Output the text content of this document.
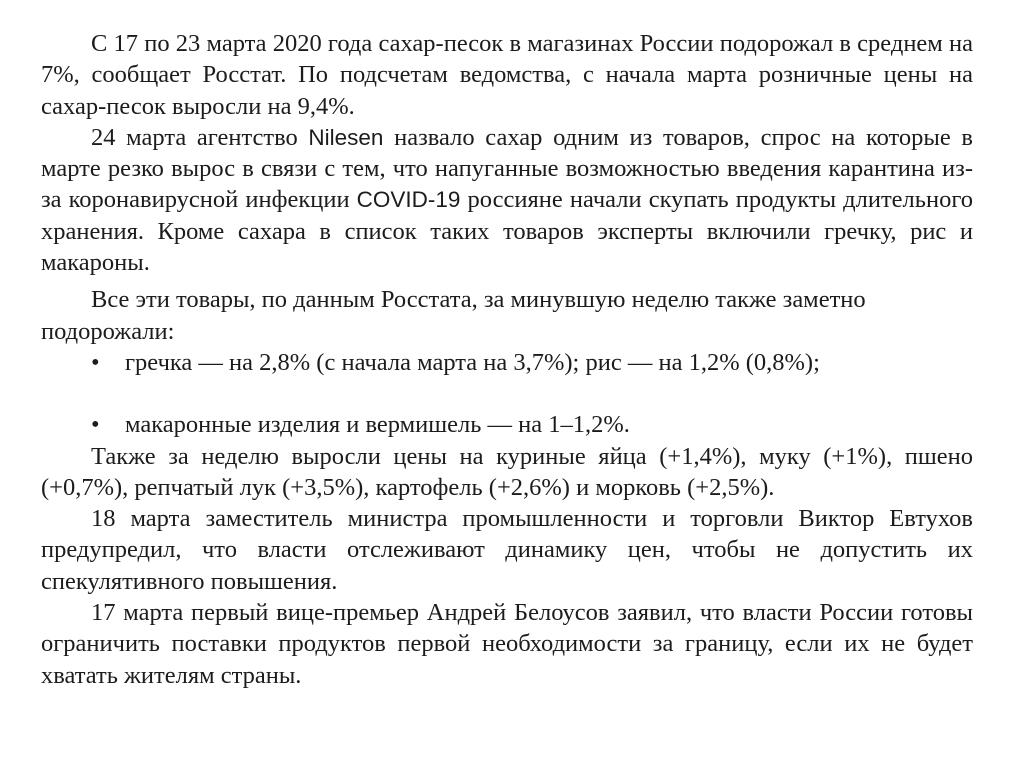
С 17 по 23 марта 2020 года сахар-песок в магазинах России подорожал в среднем на 7%, сообщает Росстат. По подсчетам ведомства, с начала марта розничные цены на сахар-песок выросли на 9,4%.

24 марта агентство Nilesen назвало сахар одним из товаров, спрос на которые в марте резко вырос в связи с тем, что напуганные возможностью введения карантина из-за коронавирусной инфекции COVID-19 россияне начали скупать продукты длительного хранения. Кроме сахара в список таких товаров эксперты включили гречку, рис и макароны.

Все эти товары, по данным Росстата, за минувшую неделю также заметно подорожали:

• гречка — на 2,8% (с начала марта на 3,7%); рис — на 1,2% (0,8%);
• макаронные изделия и вермишель — на 1–1,2%.

Также за неделю выросли цены на куриные яйца (+1,4%), муку (+1%), пшено (+0,7%), репчатый лук (+3,5%), картофель (+2,6%) и морковь (+2,5%).

18 марта заместитель министра промышленности и торговли Виктор Евтухов предупредил, что власти отслеживают динамику цен, чтобы не допустить их спекулятивного повышения.

17 марта первый вице-премьер Андрей Белоусов заявил, что власти России готовы ограничить поставки продуктов первой необходимости за границу, если их не будет хватать жителям страны.
